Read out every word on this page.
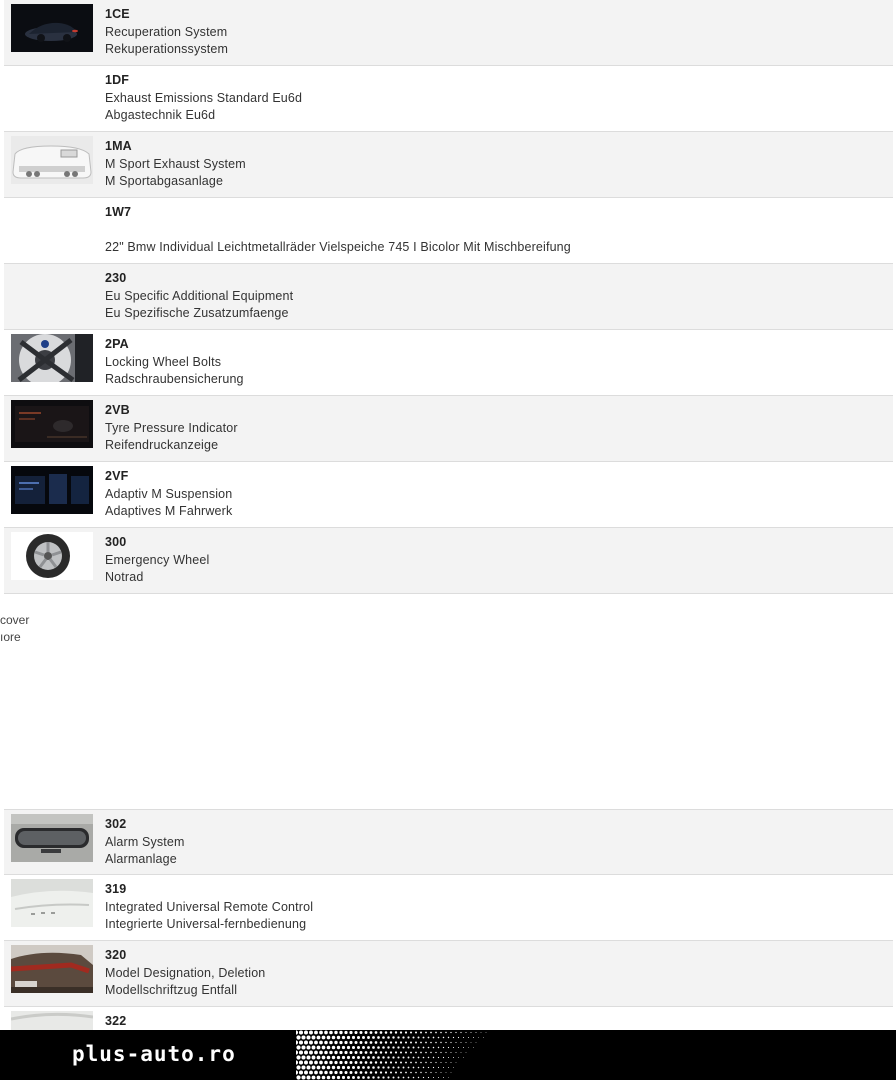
1CE
Recuperation System
Rekuperationssystem
1DF
Exhaust Emissions Standard Eu6d
Abgastechnik Eu6d
1MA
M Sport Exhaust System
M Sportabgasanlage
1W7
22" Bmw Individual Leichtmetallräder Vielspeiche 745 I Bicolor Mit Mischbereifung
230
Eu Specific Additional Equipment
Eu Spezifische Zusatzumfaenge
2PA
Locking Wheel Bolts
Radschraubensicherung
2VB
Tyre Pressure Indicator
Reifendruckanzeige
2VF
Adaptiv M Suspension
Adaptives M Fahrwerk
300
Emergency Wheel
Notrad
cover
ıore
302
Alarm System
Alarmanlage
319
Integrated Universal Remote Control
Integrierte Universal-fernbedienung
320
Model Designation, Deletion
Modellschriftzug Entfall
322
plus-auto.ro
